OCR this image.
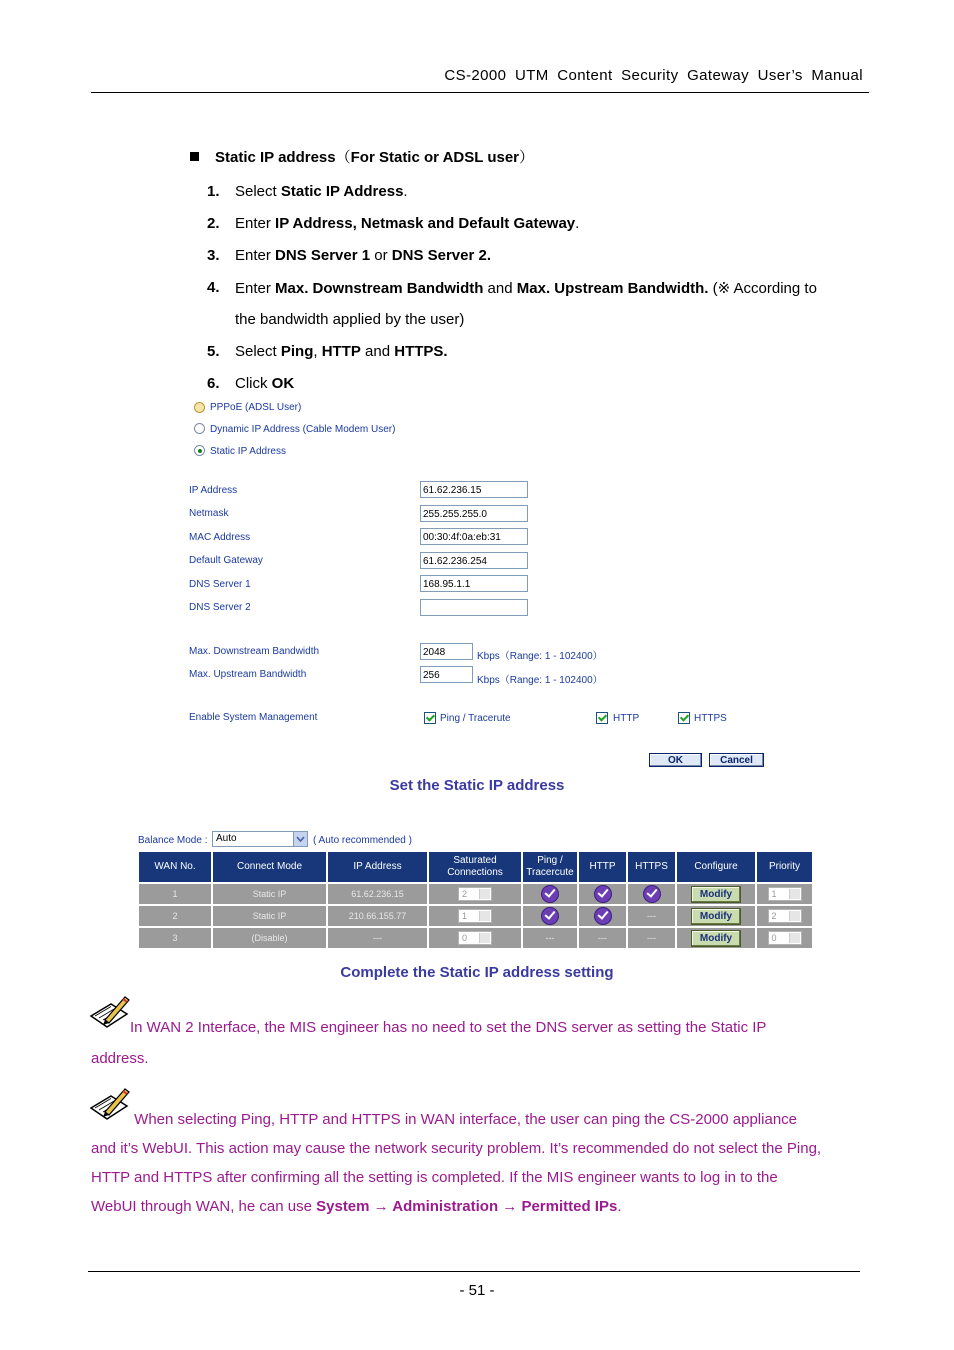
CS-2000 UTM Content Security Gateway User’s Manual
Static IP address（For Static or ADSL user）
1. Select Static IP Address.
2. Enter IP Address, Netmask and Default Gateway.
3. Enter DNS Server 1 or DNS Server 2.
4. Enter Max. Downstream Bandwidth and Max. Upstream Bandwidth. (※ According to
the bandwidth applied by the user)
5. Select Ping, HTTP and HTTPS.
6. Click OK
PPPoE (ADSL User)
Dynamic IP Address (Cable Modem User)
Static IP Address
IP Address	61.62.236.15
Netmask	255.255.255.0
MAC Address	00:30:4f:0a:eb:31
Default Gateway	61.62.236.254
DNS Server 1	168.95.1.1
DNS Server 2
Max. Downstream Bandwidth	2048	Kbps（Range: 1 - 102400）
Max. Upstream Bandwidth	256	Kbps（Range: 1 - 102400）
Enable System Management	Ping / Tracerute	HTTP	HTTPS
OK	Cancel
Set the Static IP address
Balance Mode : Auto	( Auto recommended )
WAN No.	Connect Mode	IP Address	Saturated Connections	Ping / Tracercute	HTTP	HTTPS	Configure	Priority
1	Static IP	61.62.236.15	2				Modify	1
2	Static IP	210.66.155.77	1			---	Modify	2
3	(Disable)	---	0	---	---	---	Modify	0
Complete the Static IP address setting
In WAN 2 Interface, the MIS engineer has no need to set the DNS server as setting the Static IP
address.
When selecting Ping, HTTP and HTTPS in WAN interface, the user can ping the CS-2000 appliance
and it’s WebUI. This action may cause the network security problem. It’s recommended do not select the Ping,
HTTP and HTTPS after confirming all the setting is completed. If the MIS engineer wants to log in to the
WebUI through WAN, he can use System → Administration → Permitted IPs.
- 51 -
